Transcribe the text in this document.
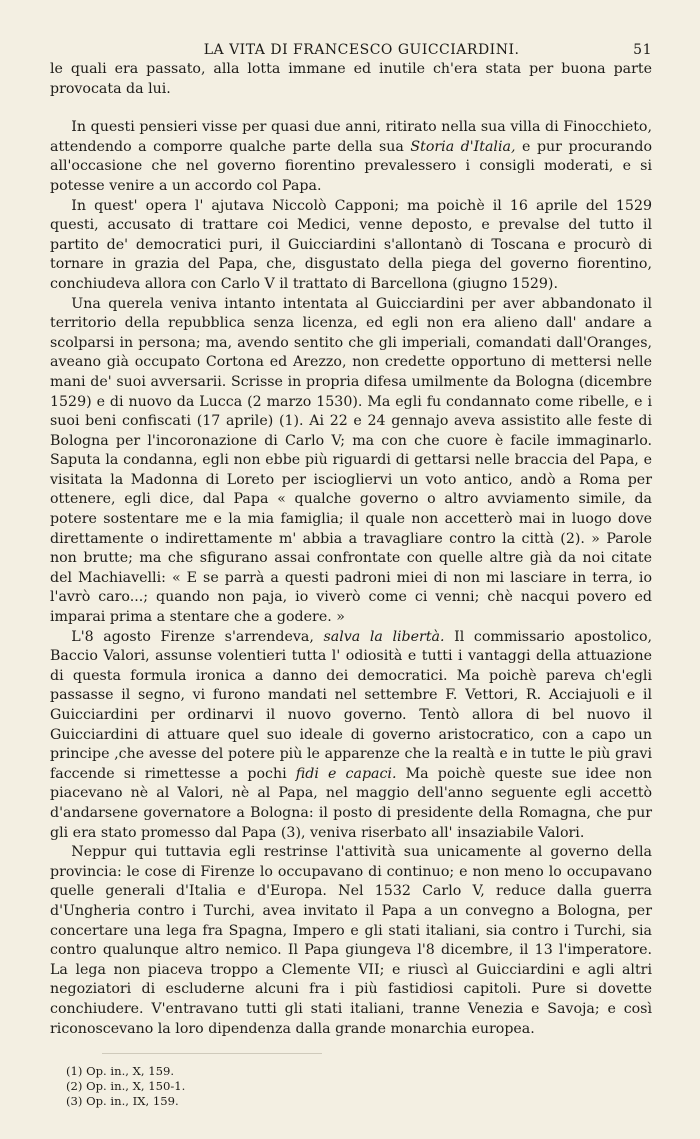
LA VITA DI FRANCESCO GUICCIARDINI.	51

le quali era passato, alla lotta immane ed inutile ch'era stata per buona parte provocata da lui.

In questi pensieri visse per quasi due anni, ritirato nella sua villa di Finocchieto, attendendo a comporre qualche parte della sua Storia d'Italia, e pur procurando all'occasione che nel governo fiorentino prevalessero i consigli moderati, e si potesse venire a un accordo col Papa.

In quest' opera l' ajutava Niccolò Capponi; ma poichè il 16 aprile del 1529 questi, accusato di trattare coi Medici, venne deposto, e prevalse del tutto il partito de' democratici puri, il Guicciardini s'allontanò di Toscana e procurò di tornare in grazia del Papa, che, disgustato della piega del governo fiorentino, conchiudeva allora con Carlo V il trattato di Barcellona (giugno 1529).

Una querela veniva intanto intentata al Guicciardini per aver abbandonato il territorio della repubblica senza licenza, ed egli non era alieno dall' andare a scolparsi in persona; ma, avendo sentito che gli imperiali, comandati dall'Oranges, aveano già occupato Cortona ed Arezzo, non credette opportuno di mettersi nelle mani de' suoi avversarii. Scrisse in propria difesa umilmente da Bologna (dicembre 1529) e di nuovo da Lucca (2 marzo 1530). Ma egli fu condannato come ribelle, e i suoi beni confiscati (17 aprile) (1). Ai 22 e 24 gennajo aveva assistito alle feste di Bologna per l'incoronazione di Carlo V; ma con che cuore è facile immaginarlo. Saputa la condanna, egli non ebbe più riguardi di gettarsi nelle braccia del Papa, e visitata la Madonna di Loreto per isciogliervi un voto antico, andò a Roma per ottenere, egli dice, dal Papa « qualche governo o altro avviamento simile, da potere sostentare me e la mia famiglia; il quale non accetterò mai in luogo dove direttamente o indirettamente m' abbia a travagliare contro la città (2). » Parole non brutte; ma che sfigurano assai confrontate con quelle altre già da noi citate del Machiavelli: « E se parrà a questi padroni miei di non mi lasciare in terra, io l'avrò caro...; quando non paja, io viverò come ci venni; chè nacqui povero ed imparai prima a stentare che a godere. »

L'8 agosto Firenze s'arrendeva, salva la libertà. Il commissario apostolico, Baccio Valori, assunse volentieri tutta l' odiosità e tutti i vantaggi della attuazione di questa formula ironica a danno dei democratici. Ma poichè pareva ch'egli passasse il segno, vi furono mandati nel settembre F. Vettori, R. Acciajuoli e il Guicciardini per ordinarvi il nuovo governo. Tentò allora di bel nuovo il Guicciardini di attuare quel suo ideale di governo aristocratico, con a capo un principe ,che avesse del potere più le apparenze che la realtà e in tutte le più gravi faccende si rimettesse a pochi fidi e capaci. Ma poichè queste sue idee non piacevano nè al Valori, nè al Papa, nel maggio dell'anno seguente egli accettò d'andarsene governatore a Bologna: il posto di presidente della Romagna, che pur gli era stato promesso dal Papa (3), veniva riserbato all' insaziabile Valori.

Neppur qui tuttavia egli restrinse l'attività sua unicamente al governo della provincia: le cose di Firenze lo occupavano di continuo; e non meno lo occupavano quelle generali d'Italia e d'Europa. Nel 1532 Carlo V, reduce dalla guerra d'Ungheria contro i Turchi, avea invitato il Papa a un convegno a Bologna, per concertare una lega fra Spagna, Impero e gli stati italiani, sia contro i Turchi, sia contro qualunque altro nemico. Il Papa giungeva l'8 dicembre, il 13 l'imperatore. La lega non piaceva troppo a Clemente VII; e riuscì al Guicciardini e agli altri negoziatori di escluderne alcuni fra i più fastidiosi capitoli. Pure si dovette conchiudere. V'entravano tutti gli stati italiani, tranne Venezia e Savoja; e così riconoscevano la loro dipendenza dalla grande monarchia europea.

(1) Op. in., X, 159.
(2) Op. in., X, 150-1.
(3) Op. in., IX, 159.
